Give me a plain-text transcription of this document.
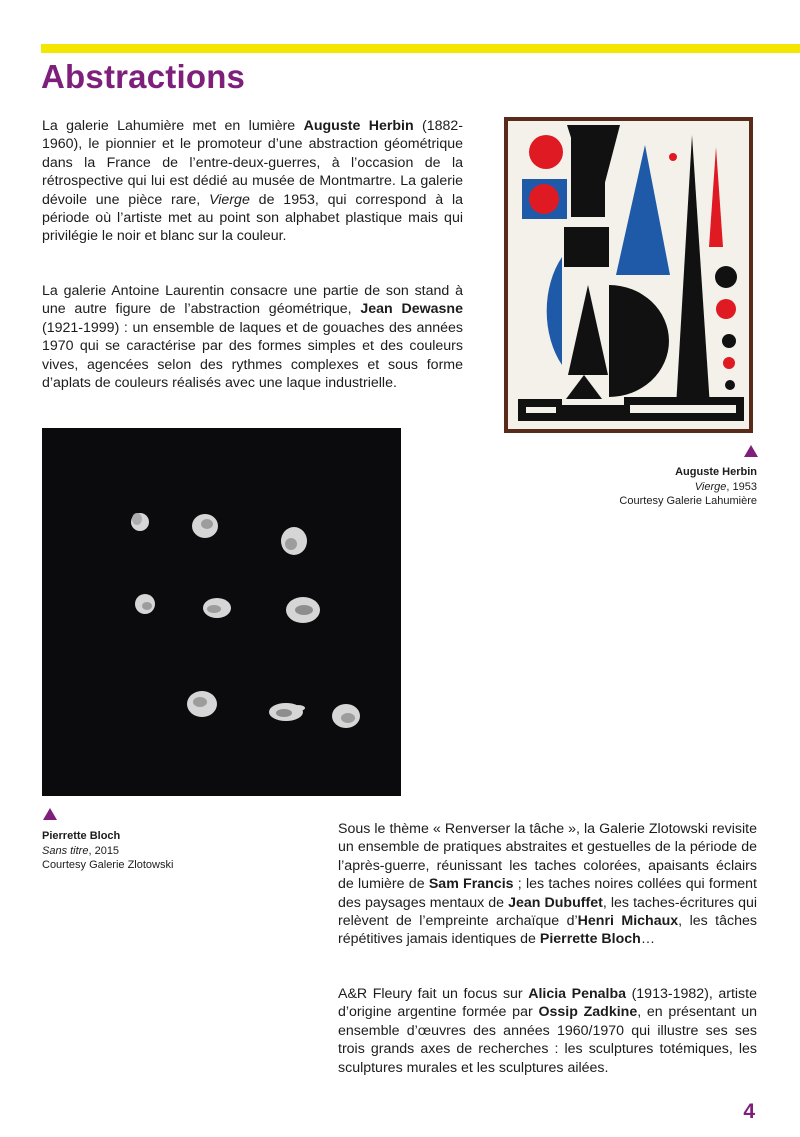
Abstractions

La galerie Lahumière met en lumière Auguste Herbin (1882-1960), le pionnier et le promoteur d’une abstraction géométrique dans la France de l’entre-deux-guerres, à l’occasion de la rétrospective qui lui est dédié au musée de Montmartre. La galerie dévoile une pièce rare, Vierge de 1953, qui correspond à la période où l’artiste met au point son alphabet plastique mais qui privilégie le noir et blanc sur la couleur.

La galerie Antoine Laurentin consacre une partie de son stand à une autre figure de l’abstraction géométrique, Jean Dewasne (1921-1999) : un ensemble de laques et de gouaches des années 1970 qui se caractérise par des formes simples et des couleurs vives, agencées selon des rythmes complexes et sous forme d’aplats de couleurs réalisés avec une laque industrielle.

Auguste Herbin
Vierge, 1953
Courtesy Galerie Lahumière
Pierrette Bloch
Sans titre, 2015
Courtesy Galerie Zlotowski

Sous le thème « Renverser la tâche », la Galerie Zlotowski revisite un ensemble de pratiques abstraites et gestuelles de la période de l’après-guerre, réunissant les taches colorées, apaisants éclairs de lumière de Sam Francis ; les taches noires collées qui forment des paysages mentaux de Jean Dubuffet, les taches-écritures qui relèvent de l’empreinte archaïque d’Henri Michaux, les tâches répétitives jamais identiques de Pierrette Bloch…

A&R Fleury fait un focus sur Alicia Penalba (1913-1982), artiste d’origine argentine formée par Ossip Zadkine, en présentant un ensemble d’œuvres des années 1960/1970 qui illustre ses ses trois grands axes de recherches : les sculptures totémiques, les sculptures murales et les sculptures ailées.

4
